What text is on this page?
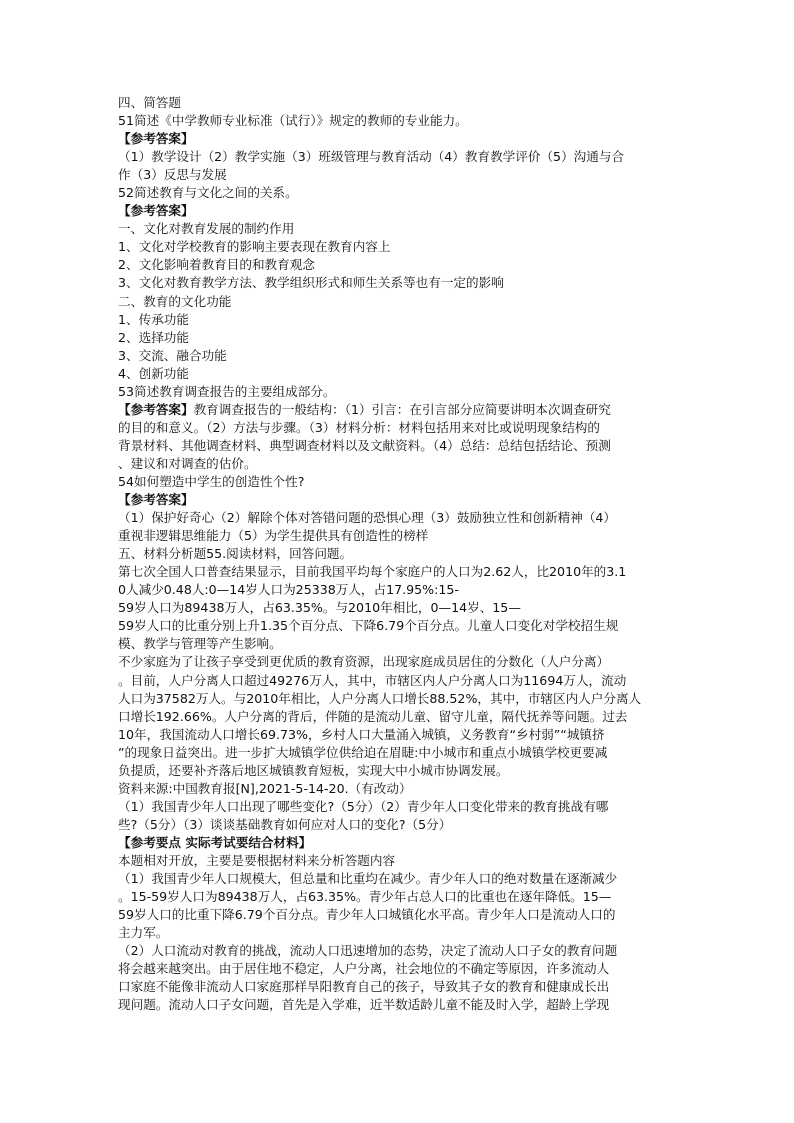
四、简答题
51简述《中学教师专业标准（试行）》规定的教师的专业能力。
【参考答案】
（1）教学设计（2）教学实施（3）班级管理与教育活动（4）教育教学评价（5）沟通与合
作（3）反思与发展
52简述教育与文化之间的关系。
【参考答案】
一、文化对教育发展的制约作用
1、文化对学校教育的影响主要表现在教育内容上
2、文化影响着教育目的和教育观念
3、文化对教育教学方法、教学组织形式和师生关系等也有一定的影响
二、教育的文化功能
1、传承功能
2、选择功能
3、交流、融合功能
4、创新功能
53简述教育调查报告的主要组成部分。
【参考答案】教育调查报告的一般结构：（1）引言：在引言部分应简要讲明本次调查研究
的目的和意义。（2）方法与步骤。（3）材料分析：材料包括用来对比或说明现象结构的
背景材料、其他调查材料、典型调查材料以及文献资料。（4）总结：总结包括结论、预测
、建议和对调查的估价。
54如何塑造中学生的创造性个性?
【参考答案】
（1）保护好奇心（2）解除个体对答错问题的恐惧心理（3）鼓励独立性和创新精神（4）
重视非逻辑思维能力（5）为学生提供具有创造性的榜样
五、材料分析题55.阅读材料，回答问题。
第七次全国人口普查结果显示，目前我国平均每个家庭户的人口为2.62人，比2010年的3.1
0人减少0.48人:0—14岁人口为25338万人，占17.95%:15-
59岁人口为89438万人，占63.35%。与2010年相比，0—14岁、15—
59岁人口的比重分别上升1.35个百分点、下降6.79个百分点。儿童人口变化对学校招生规
模、教学与管理等产生影响。
不少家庭为了让孩子享受到更优质的教育资源，出现家庭成员居住的分数化（人户分离）
。目前，人户分离人口超过49276万人，其中，市辖区内人户分离人口为11694万人，流动
人口为37582万人。与2010年相比，人户分离人口增长88.52%，其中，市辖区内人户分离人
口增长192.66%。人户分离的背后，伴随的是流动儿童、留守儿童，隔代抚养等问题。过去
10年，我国流动人口增长69.73%，乡村人口大量涌入城镇，义务教育“乡村弱”“城镇挤
”的现象日益突出。进一步扩大城镇学位供给迫在眉睫:中小城市和重点小城镇学校更要减
负提质，还要补齐落后地区城镇教育短板，实现大中小城市协调发展。
资料来源:中国教育报[N],2021-5-14-20.（有改动）
（1）我国青少年人口出现了哪些变化?（5分）（2）青少年人口变化带来的教育挑战有哪
些?（5分）（3）谈谈基础教育如何应对人口的变化?（5分）
【参考要点 实际考试要结合材料】
本题相对开放，主要是要根据材料来分析答题内容
（1）我国青少年人口规模大，但总量和比重均在减少。青少年人口的绝对数量在逐渐减少
。15-59岁人口为89438万人，占63.35%。青少年占总人口的比重也在逐年降低。15—
59岁人口的比重下降6.79个百分点。青少年人口城镇化水平高。青少年人口是流动人口的
主力军。
（2）人口流动对教育的挑战，流动人口迅速增加的态势，决定了流动人口子女的教育问题
将会越来越突出。由于居住地不稳定，人户分离，社会地位的不确定等原因，许多流动人
口家庭不能像非流动人口家庭那样旱阳教育自己的孩子，导致其子女的教育和健康成长出
现问题。流动人口子女问题，首先是入学难，近半数适龄儿童不能及时入学，超龄上学现
